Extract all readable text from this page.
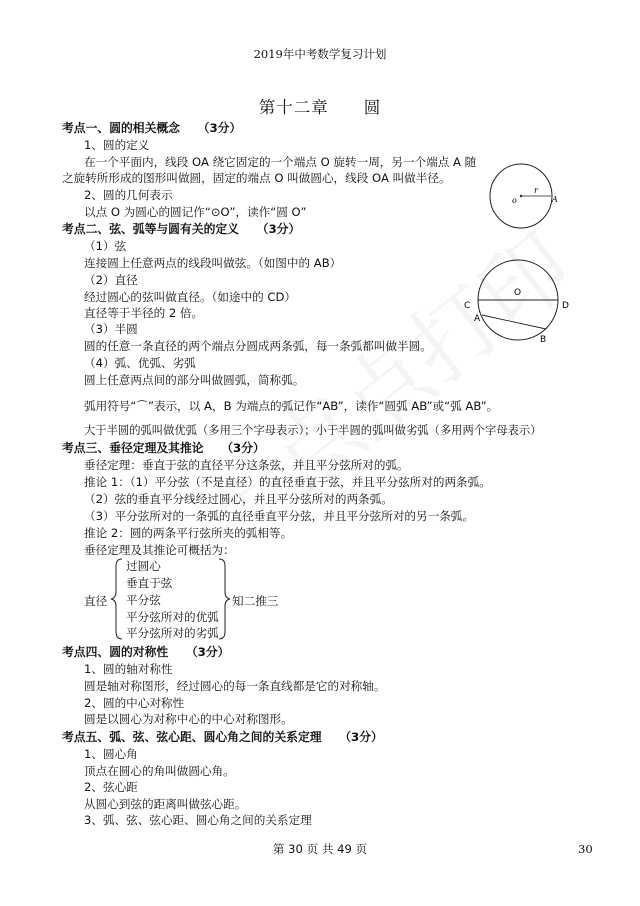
2019年中考数学复习计划
第十二章　　圆
考点一、圆的相关概念　　（3分）
1、圆的定义
在一个平面内，线段 OA 绕它固定的一个端点 O 旋转一周，另一个端点 A 随
之旋转所形成的图形叫做圆，固定的端点 O 叫做圆心，线段 OA 叫做半径。
2、圆的几何表示
以点 O 为圆心的圆记作“⊙O”，读作“圆 O”
o
r
A
考点二、弦、弧等与圆有关的定义　　（3分）
（1）弦
连接圆上任意两点的线段叫做弦。（如图中的 AB）
（2）直径
经过圆心的弦叫做直径。（如途中的 CD）
直径等于半径的 2 倍。
（3）半圆
圆的任意一条直径的两个端点分圆成两条弧，每一条弧都叫做半圆。
（4）弧、优弧、劣弧
圆上任意两点间的部分叫做圆弧，简称弧。
弧用符号“⌒”表示，以 A，B 为端点的弧记作“AB”，读作“圆弧 AB”或“弧 AB”。
大于半圆的弧叫做优弧（多用三个字母表示）；小于半圆的弧叫做劣弧（多用两个字母表示）
O
C
A
D
B
考点三、垂径定理及其推论　　（3分）
垂径定理：垂直于弦的直径平分这条弦，并且平分弦所对的弧。
推论 1：（1）平分弦（不是直径）的直径垂直于弦，并且平分弦所对的两条弧。
（2）弦的垂直平分线经过圆心，并且平分弦所对的两条弧。
（3）平分弦所对的一条弧的直径垂直平分弦，并且平分弦所对的另一条弧。
推论 2：圆的两条平行弦所夹的弧相等。
垂径定理及其推论可概括为：
直径
过圆心
垂直于弦
平分弦
平分弦所对的优弧
平分弦所对的劣弧
知二推三
考点四、圆的对称性　　（3分）
1、圆的轴对称性
圆是轴对称图形，经过圆心的每一条直线都是它的对称轴。
2、圆的中心对称性
圆是以圆心为对称中心的中心对称图形。
考点五、弧、弦、弦心距、圆心角之间的关系定理　　（3分）
1、圆心角
顶点在圆心的角叫做圆心角。
2、弦心距
从圆心到弦的距离叫做弦心距。
3、弧、弦、弦心距、圆心角之间的关系定理
第 30 页 共 49 页	30
